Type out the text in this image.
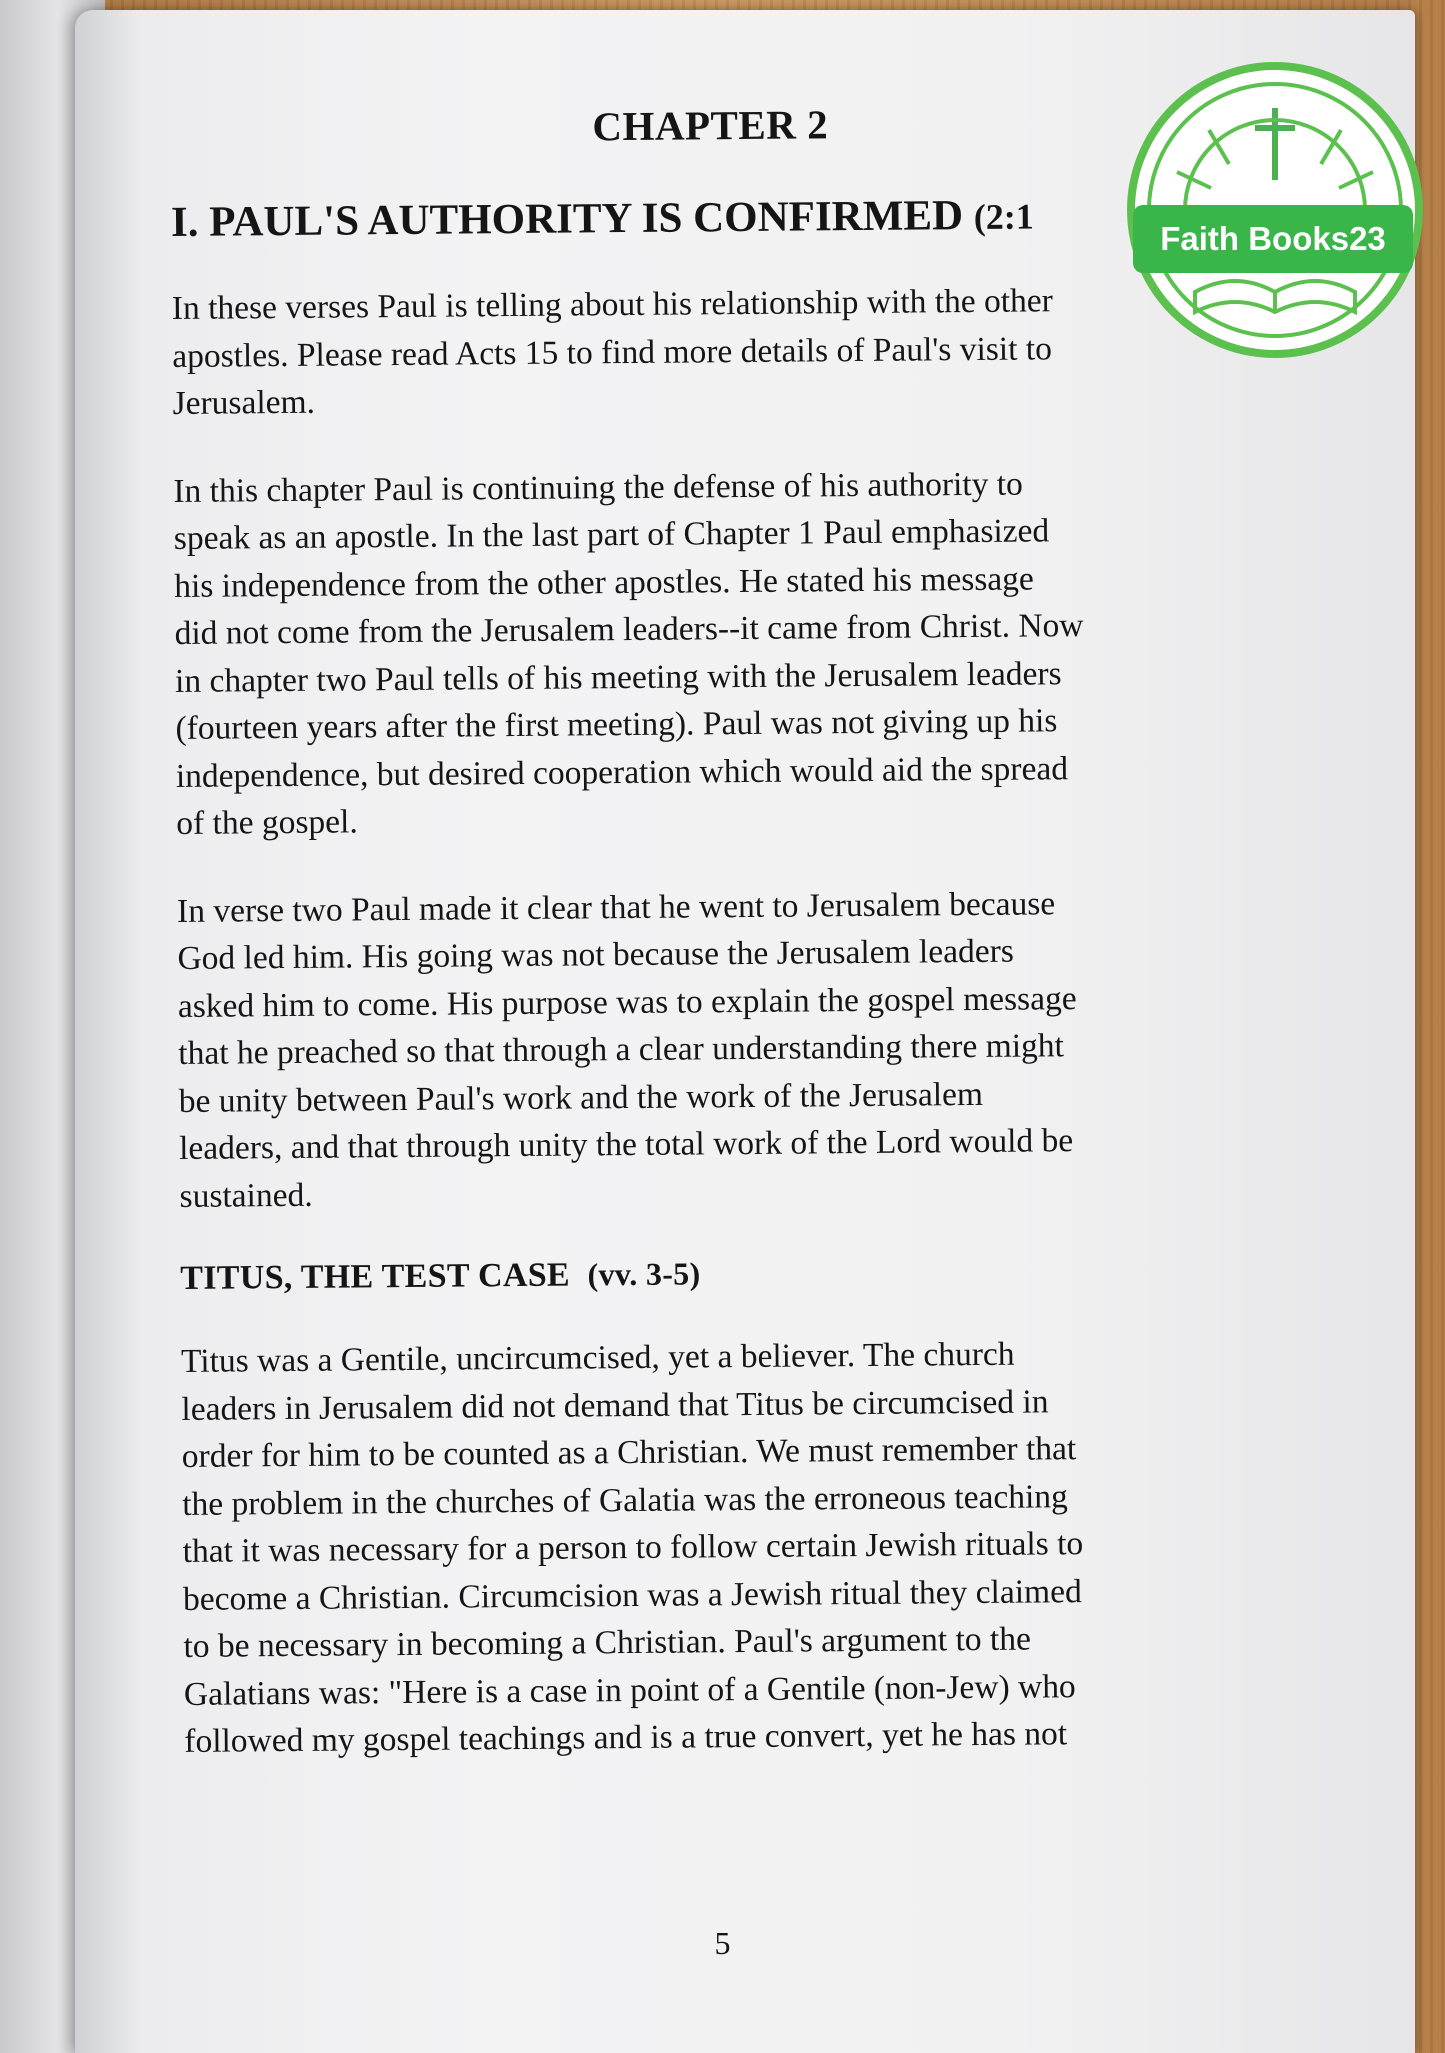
CHAPTER 2
I. PAUL'S AUTHORITY IS CONFIRMED (2:1
In these verses Paul is telling about his relationship with the other
apostles. Please read Acts 15 to find more details of Paul's visit to
Jerusalem.
In this chapter Paul is continuing the defense of his authority to
speak as an apostle. In the last part of Chapter 1 Paul emphasized
his independence from the other apostles. He stated his message
did not come from the Jerusalem leaders--it came from Christ. Now
in chapter two Paul tells of his meeting with the Jerusalem leaders
(fourteen years after the first meeting). Paul was not giving up his
independence, but desired cooperation which would aid the spread
of the gospel.
In verse two Paul made it clear that he went to Jerusalem because
God led him. His going was not because the Jerusalem leaders
asked him to come. His purpose was to explain the gospel message
that he preached so that through a clear understanding there might
be unity between Paul's work and the work of the Jerusalem
leaders, and that through unity the total work of the Lord would be
sustained.
TITUS, THE TEST CASE (vv. 3-5)
Titus was a Gentile, uncircumcised, yet a believer. The church
leaders in Jerusalem did not demand that Titus be circumcised in
order for him to be counted as a Christian. We must remember that
the problem in the churches of Galatia was the erroneous teaching
that it was necessary for a person to follow certain Jewish rituals to
become a Christian. Circumcision was a Jewish ritual they claimed
to be necessary in becoming a Christian. Paul's argument to the
Galatians was: "Here is a case in point of a Gentile (non-Jew) who
followed my gospel teachings and is a true convert, yet he has not
5
Faith Books23
